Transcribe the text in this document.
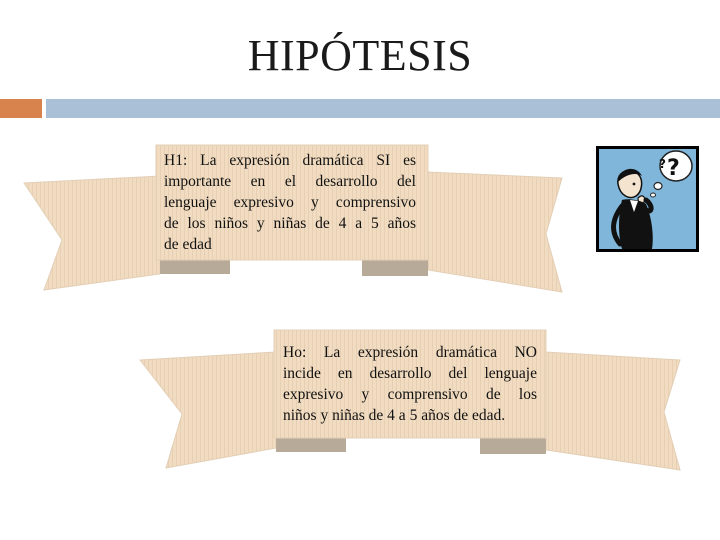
HIPÓTESIS
H1: La expresión dramática SI es
importante en el desarrollo del
lenguaje expresivo y comprensivo
de los niños y niñas de 4 a 5 años
de edad
Ho: La expresión dramática NO
incide en desarrollo del lenguaje
expresivo y comprensivo de los
niños y niñas de 4 a 5 años de edad.
?
?
